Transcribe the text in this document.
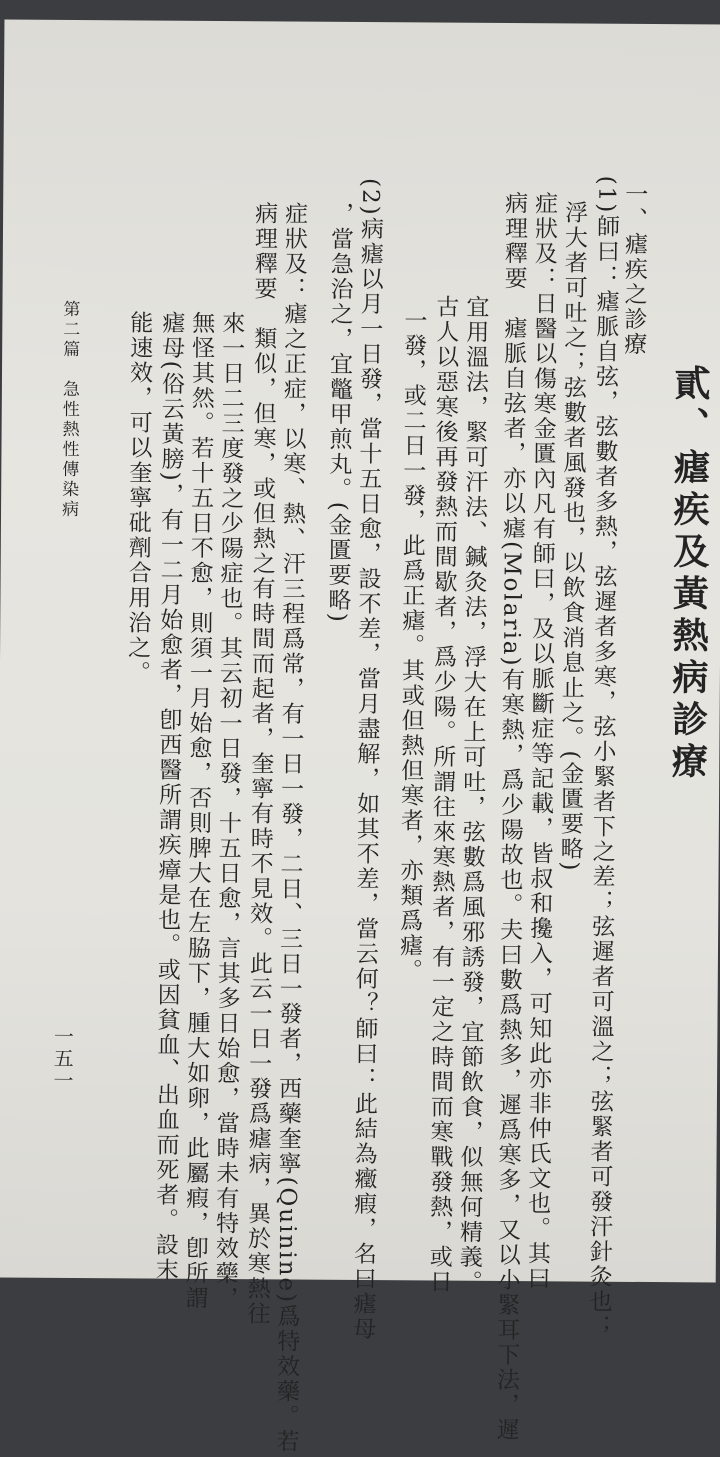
貳、瘧疾及黃熱病診療
一、瘧疾之診療
(1)師曰：瘧脈自弦，弦數者多熱，弦遲者多寒，弦小緊者下之差；弦遲者可溫之；弦緊者可發汗針灸也；
浮大者可吐之；弦數者風發也，以飲食消息止之。(金匱要略)
症狀及：日醫以傷寒金匱內凡有師曰，及以脈斷症等記載，皆叔和攙入，可知此亦非仲氏文也。其曰
病理釋要　瘧脈自弦者，亦以瘧(Molaria)有寒熱，爲少陽故也。夫曰數爲熱多，遲爲寒多，又以小緊耳下法，遲
宜用溫法，緊可汗法、鍼灸法，浮大在上可吐，弦數爲風邪誘發，宜節飲食，似無何精義。
古人以惡寒後再發熱而間歇者，爲少陽。所謂往來寒熱者，有一定之時間而寒戰發熱，或日
一發，或二日一發，此爲正瘧。其或但熱但寒者，亦類爲瘧。
(2)病瘧以月一日發，當十五日愈，設不差，當月盡解，如其不差，當云何？師曰：此結為癥瘕，名曰瘧母
，當急治之，宜鼈甲煎丸。(金匱要略)
症狀及：瘧之正症，以寒、熱、汗三程爲常，有一日一發，二日、三日一發者，西藥奎寧(Quinine)爲特效藥。若
病理釋要　類似，但寒，或但熱之有時間而起者，奎寧有時不見效。此云一日一發爲瘧病，異於寒熱往
來一日二三度發之少陽症也。其云初一日發，十五日愈，言其多日始愈，當時未有特效藥，
無怪其然。若十五日不愈，則須一月始愈，否則脾大在左脇下，腫大如卵，此屬瘕，卽所謂
瘧母(俗云黃膀)，有一二月始愈者，卽西醫所謂疾瘴是也。或因貧血、出血而死者。設末
能速效，可以奎寧砒劑合用治之。
第二篇　急性熱性傳染病
一五一
